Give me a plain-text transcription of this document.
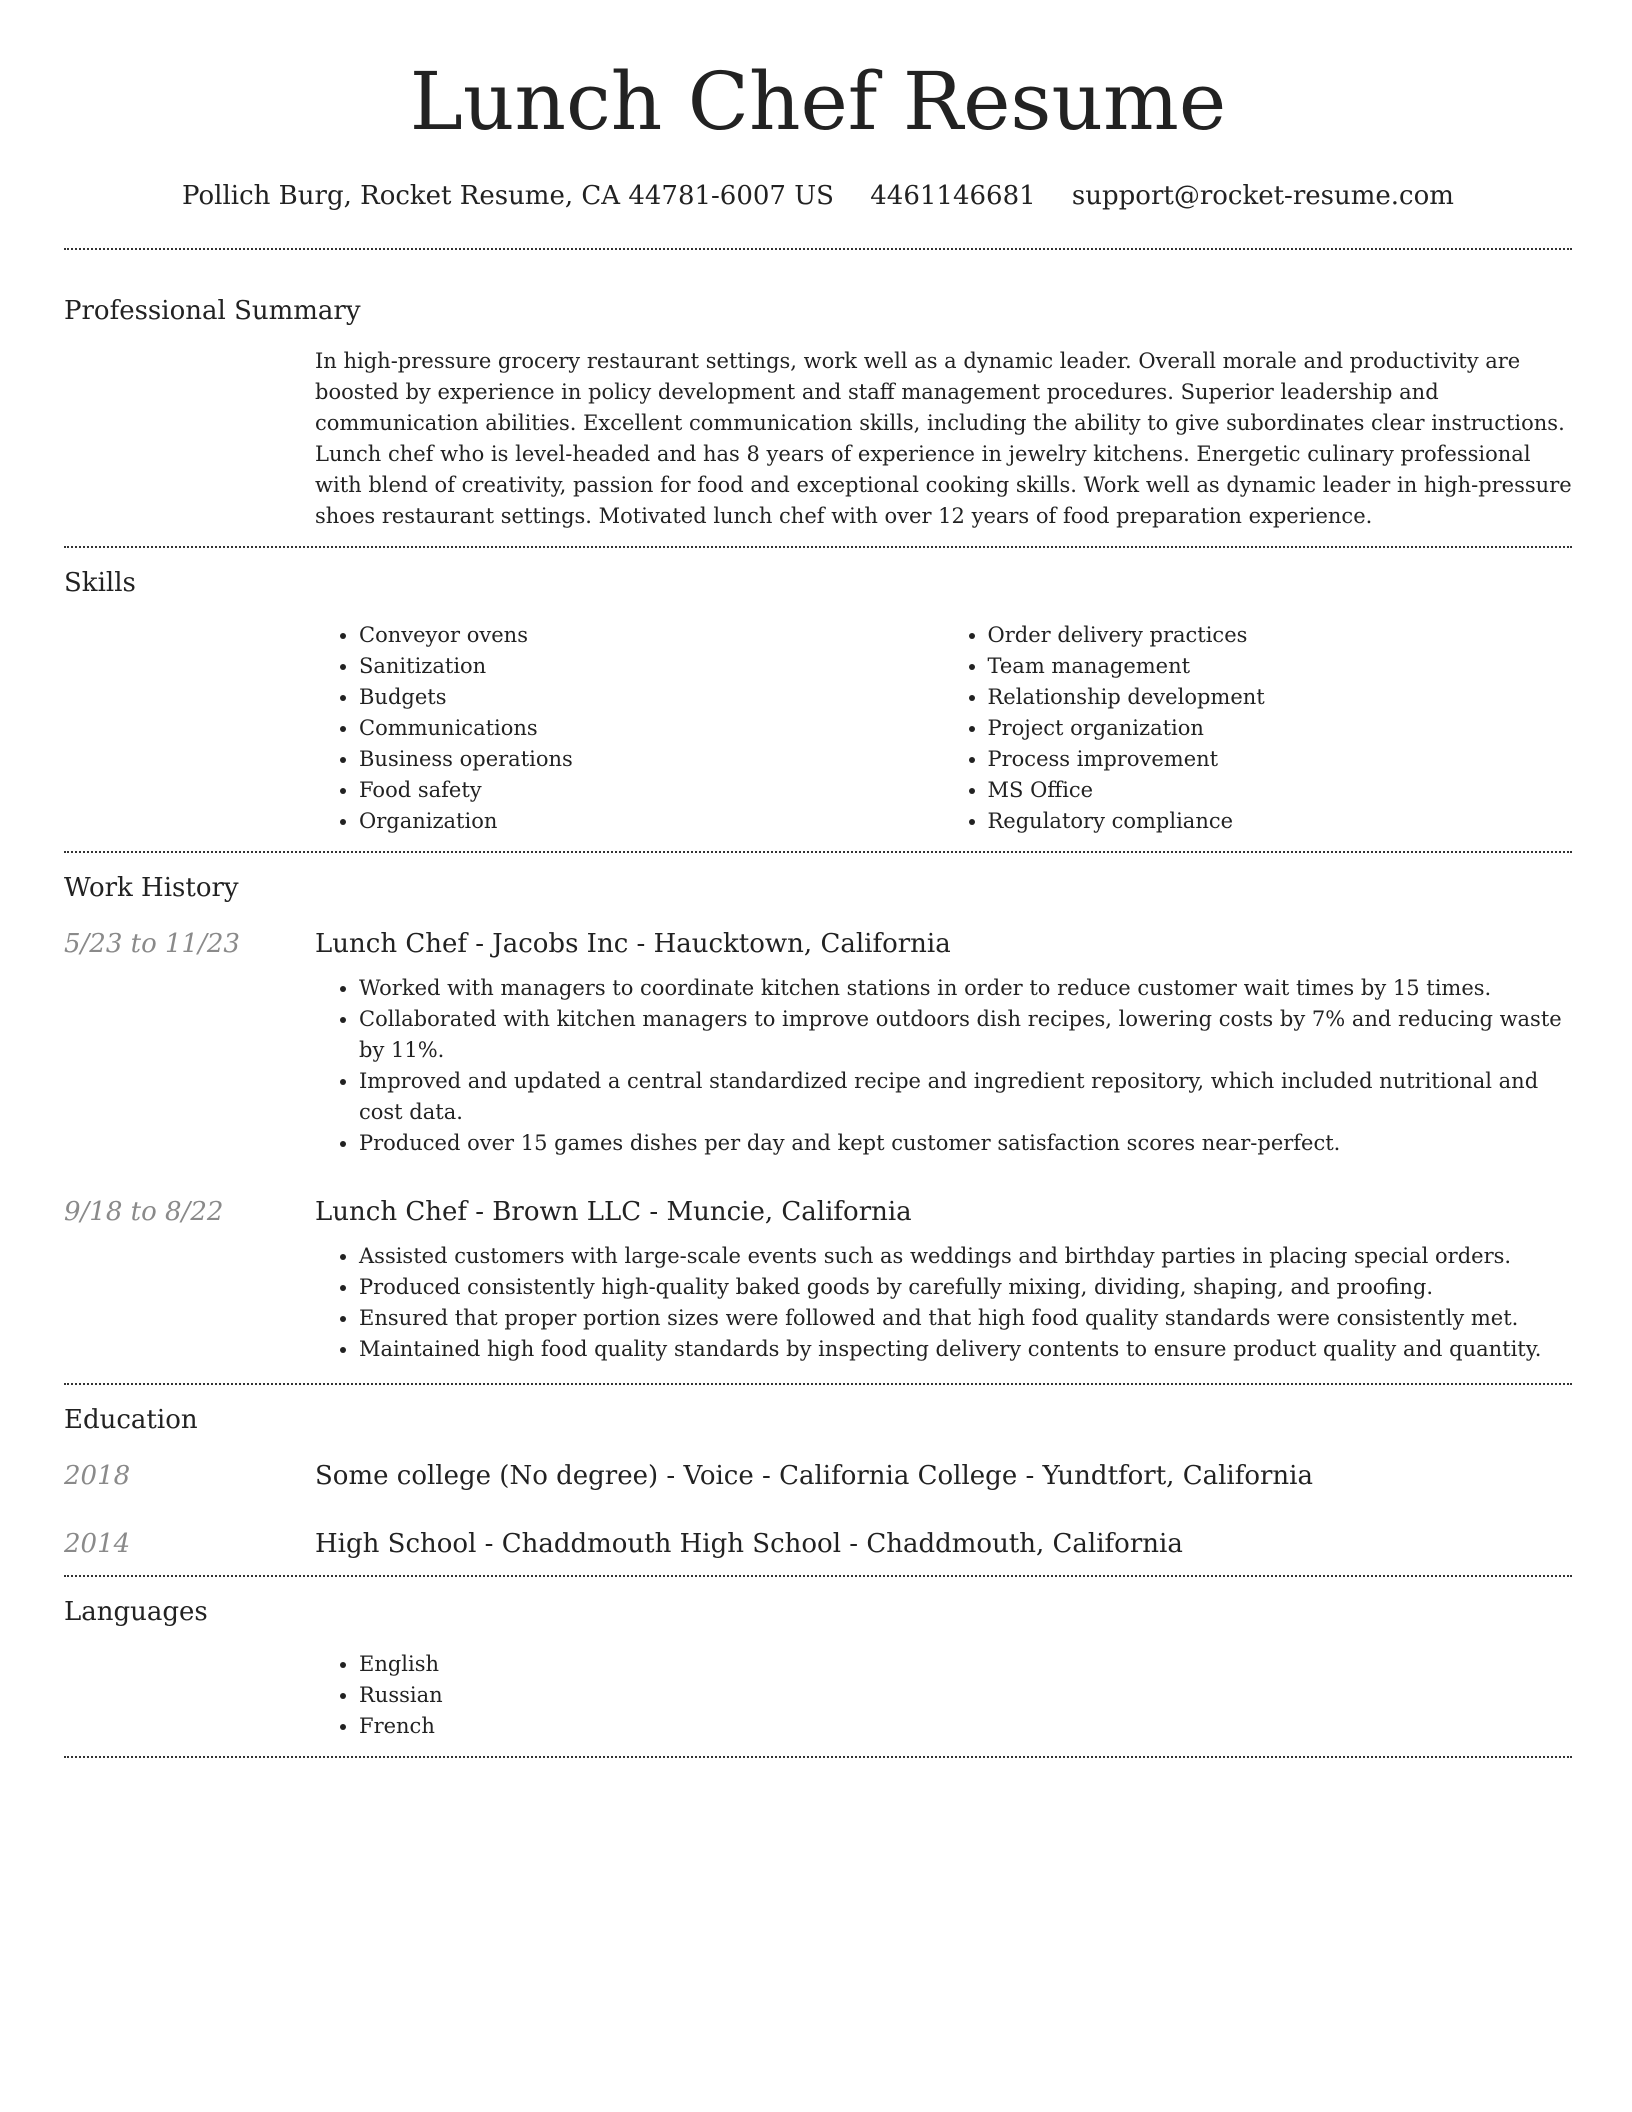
Lunch Chef Resume
Pollich Burg, Rocket Resume, CA 44781-6007 US 4461146681 support@rocket-resume.com
Professional Summary
In high-pressure grocery restaurant settings, work well as a dynamic leader. Overall morale and productivity are boosted by experience in policy development and staff management procedures. Superior leadership and communication abilities. Excellent communication skills, including the ability to give subordinates clear instructions. Lunch chef who is level-headed and has 8 years of experience in jewelry kitchens. Energetic culinary professional with blend of creativity, passion for food and exceptional cooking skills. Work well as dynamic leader in high-pressure shoes restaurant settings. Motivated lunch chef with over 12 years of food preparation experience.
Skills
• Conveyor ovens
• Sanitization
• Budgets
• Communications
• Business operations
• Food safety
• Organization
• Order delivery practices
• Team management
• Relationship development
• Project organization
• Process improvement
• MS Office
• Regulatory compliance
Work History
5/23 to 11/23	Lunch Chef - Jacobs Inc - Haucktown, California
• Worked with managers to coordinate kitchen stations in order to reduce customer wait times by 15 times.
• Collaborated with kitchen managers to improve outdoors dish recipes, lowering costs by 7% and reducing waste by 11%.
• Improved and updated a central standardized recipe and ingredient repository, which included nutritional and cost data.
• Produced over 15 games dishes per day and kept customer satisfaction scores near-perfect.
9/18 to 8/22	Lunch Chef - Brown LLC - Muncie, California
• Assisted customers with large-scale events such as weddings and birthday parties in placing special orders.
• Produced consistently high-quality baked goods by carefully mixing, dividing, shaping, and proofing.
• Ensured that proper portion sizes were followed and that high food quality standards were consistently met.
• Maintained high food quality standards by inspecting delivery contents to ensure product quality and quantity.
Education
2018	Some college (No degree) - Voice - California College - Yundtfort, California
2014	High School - Chaddmouth High School - Chaddmouth, California
Languages
• English
• Russian
• French
